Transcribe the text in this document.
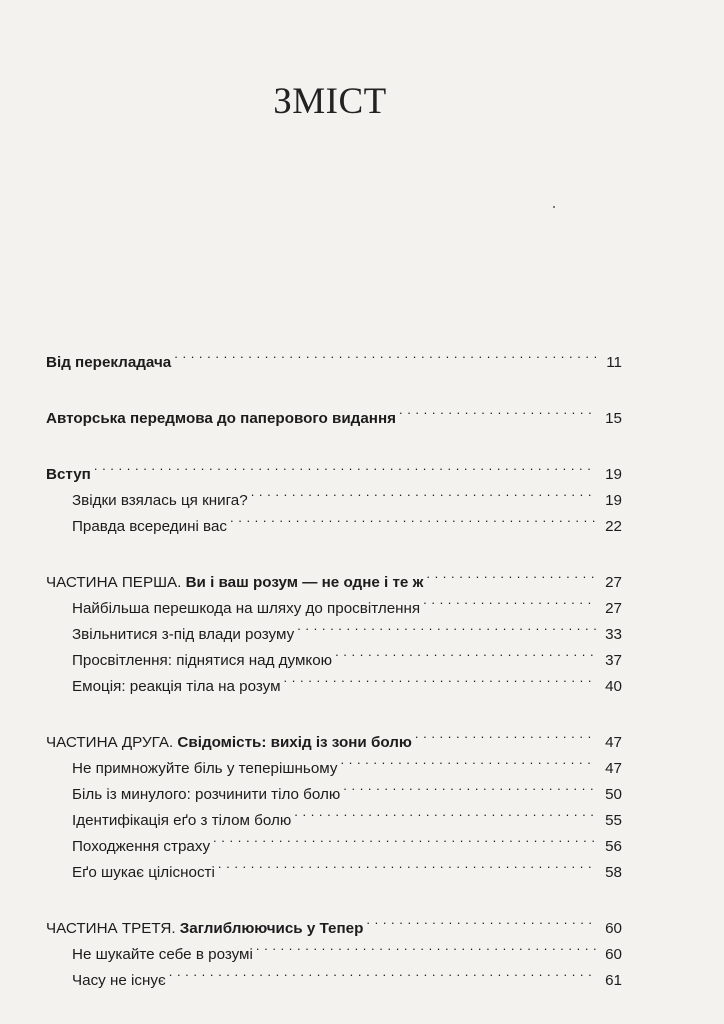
ЗМІСТ
Від перекладача . . .	11
Авторська передмова до паперового видання . . .	15
Вступ . . .	19
Звідки взялась ця книга? . . .	19
Правда всередині вас . . .	22
ЧАСТИНА ПЕРША. Ви і ваш розум — не одне і те ж . . .	27
Найбільша перешкода на шляху до просвітлення . . .	27
Звільнитися з-під влади розуму . . .	33
Просвітлення: піднятися над думкою . . .	37
Емоція: реакція тіла на розум . . .	40
ЧАСТИНА ДРУГА. Свідомість: вихід із зони болю . . .	47
Не примножуйте біль у теперішньому . . .	47
Біль із минулого: розчинити тіло болю . . .	50
Ідентифікація еґо з тілом болю . . .	55
Походження страху . . .	56
Еґо шукає цілісності . . .	58
ЧАСТИНА ТРЕТЯ. Заглиблюючись у Тепер . . .	60
Не шукайте себе в розумі . . .	60
Часу не існує . . .	61
